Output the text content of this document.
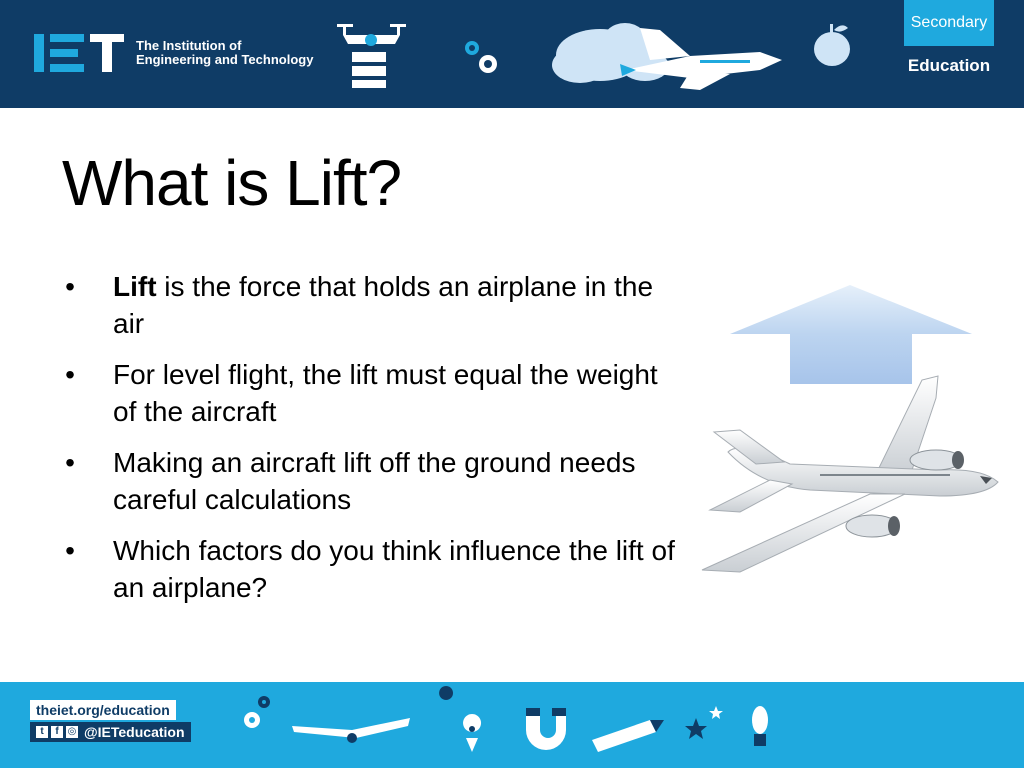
The Institution of
Engineering and Technology
Secondary
Education
What is Lift?
• Lift is the force that holds an airplane in the air
• For level flight, the lift must equal the weight of the aircraft
• Making an aircraft lift off the ground needs careful calculations
• Which factors do you think influence the lift of an airplane?
theiet.org/education
t	f ◎ @IETeducation
